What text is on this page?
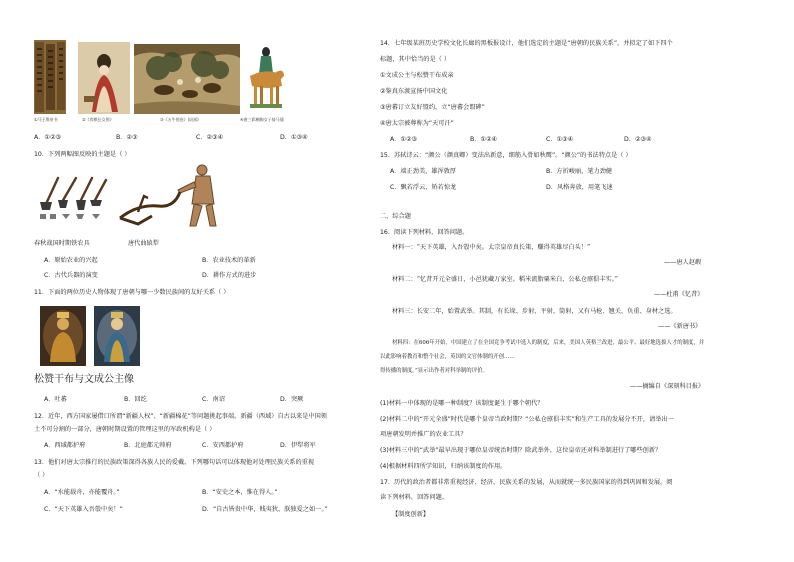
①马王堆帛书	②《弈棋仕女图》	③《五牛图卷》(局部)	④唐三彩釉陶女子骑马俑
A．①②③	B．②③	C．②③④	D．①③④
10．下列两幅图反映的主题是（ ）
春秋战国时期铁农具	唐代曲辕犁
A．原始农业的兴起	B．农业技术的革新
C．古代兵器的演变	D．耕作方式的进步
11．下面的两位历史人物体现了唐朝与哪一少数民族间的友好关系（ ）
松赞干布与文成公主像
A．吐蕃	B．回纥	C．南诏	D．突厥
12．近年，西方国家屡借口所谓“新疆人权”、“新疆棉花”等问题挑起事端。新疆（西域）自古以来是中国领
土不可分割的一部分，唐朝时期设置的管理这里的军政机构是（ ）
A．西域都护府	B．北庭都元帅府	C．安西都护府	D．伊犁将军
13．他们对唐太宗推行的民族政策深得各族人民的爱戴，下列哪句话可以体现他对处理民族关系的重视
（ ）
A．“水能载舟，亦能覆舟。”	B．“安史之本，惟在得人。”
C．“天下英雄入吾彀中矣！”	D．“自古皆贵中华，贱夷狄，朕独爱之如一。”
14．七年级某班历史学校文化长廊的黑板报设计，他们选定的主题是“唐朝的民族关系”，并拟定了如下四个
标题，其中恰当的是（ ）
①文成公主与松赞干布成亲
②鉴真东渡宣扬中国文化
③唐蕃订立友好盟约，立“唐蕃会盟碑”
④唐太宗被尊称为“天可汗”
A．①②③	B．①②④	C．①③④	D．②③④
15．苏轼诗云：“颜公（颜真卿）变法出新意，细筋入骨如秋鹰”。“颜公”的书法特点是（ ）
A．端正劲美，雄浑敦厚	B．方折峻丽，笔力劲健
C．飘若浮云，矫若惊龙	D．风格奔放，用笔飞速
二、综合题
16．阅读下列材料，回答问题。
材料一：“天下英雄，入吾彀中矣。太宗皇帝真长策，赚得英雄尽白头！”
——唐人赵嘏
材料二：“忆昔开元全盛日，小邑犹藏万家室。稻米流脂粟米白，公私仓廪俱丰实。”
——杜甫《忆昔》
材料三：长安二年，始置武举。其制，有长垛、步射、平射、筒射，又有马枪、翘关、负重、身材之选。
——《新唐书》
材料四：在606年开始，中国建立了在全国竞争考试中选人的制度，后来，美国人英格兰改进，最公平、最好地选拔人才的制度，并
以此影响着教育和整个社会，英国的文官体制的开创……
得传播的制度。”显示出作者对科举制的评价。
——摘编自《深刻科目报》
(1)材料一中体现的是哪一种制度？该制度诞生于哪个朝代？
(2)材料二中的“开元全盛”时代是哪个皇帝当政时期？“公私仓廪俱丰实”和生产工具的发展分不开，请举出一
项唐朝发明并推广的农业工具？
(3)材料三中的“武举”最早出现于哪位皇帝统治时期？除武举外，这位皇帝还对科举制进行了哪些创新？
(4)根据材料四所学知识，归纳该制度的作用。
17．历代的政治者都非常重视经济、经济、民族关系的发展，从而就统一多民族国家的得到巩固和发展。阅
读下列材料，回答问题。
【制度创新】
